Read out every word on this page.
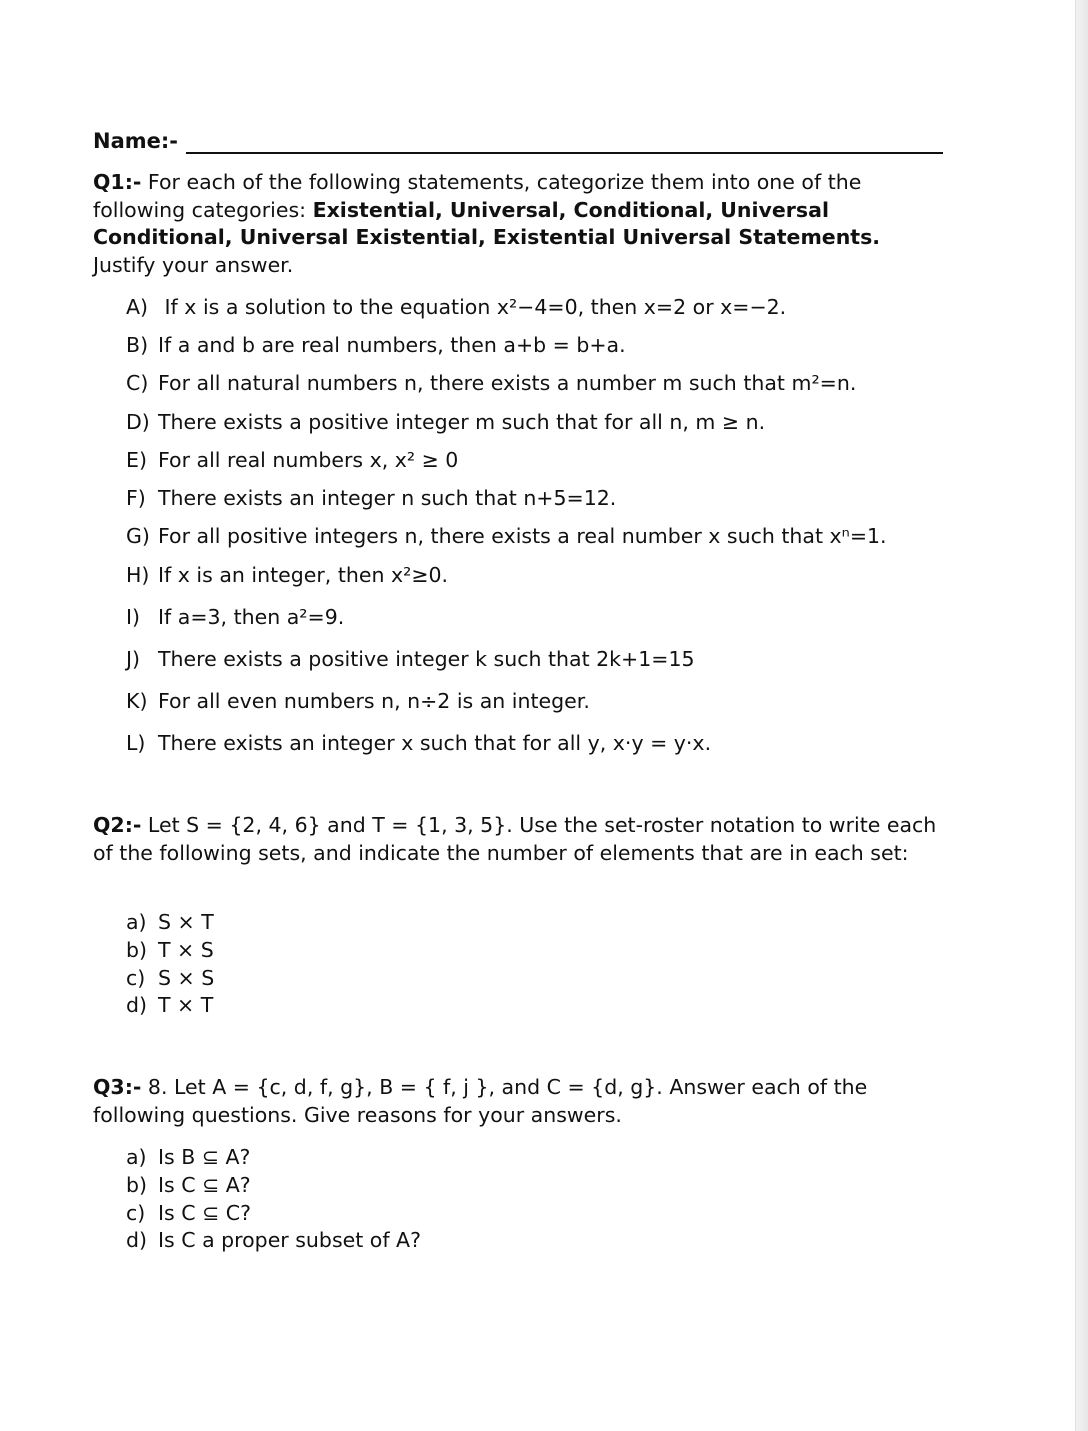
Name:-

Q1:- For each of the following statements, categorize them into one of the following categories: Existential, Universal, Conditional, Universal Conditional, Universal Existential, Existential Universal Statements. Justify your answer.

A) If x is a solution to the equation x²−4=0, then x=2 or x=−2.
B) If a and b are real numbers, then a+b = b+a.
C) For all natural numbers n, there exists a number m such that m²=n.
D) There exists a positive integer m such that for all n, m ≥ n.
E) For all real numbers x, x² ≥ 0
F) There exists an integer n such that n+5=12.
G) For all positive integers n, there exists a real number x such that xⁿ=1.
H) If x is an integer, then x²≥0.
I) If a=3, then a²=9.
J) There exists a positive integer k such that 2k+1=15
K) For all even numbers n, n÷2 is an integer.
L) There exists an integer x such that for all y, x·y = y·x.

Q2:- Let S = {2, 4, 6} and T = {1, 3, 5}. Use the set-roster notation to write each of the following sets, and indicate the number of elements that are in each set:

a) S × T
b) T × S
c) S × S
d) T × T

Q3:- 8. Let A = {c, d, f, g}, B = { f, j }, and C = {d, g}. Answer each of the following questions. Give reasons for your answers.

a) Is B ⊆ A?
b) Is C ⊆ A?
c) Is C ⊆ C?
d) Is C a proper subset of A?
